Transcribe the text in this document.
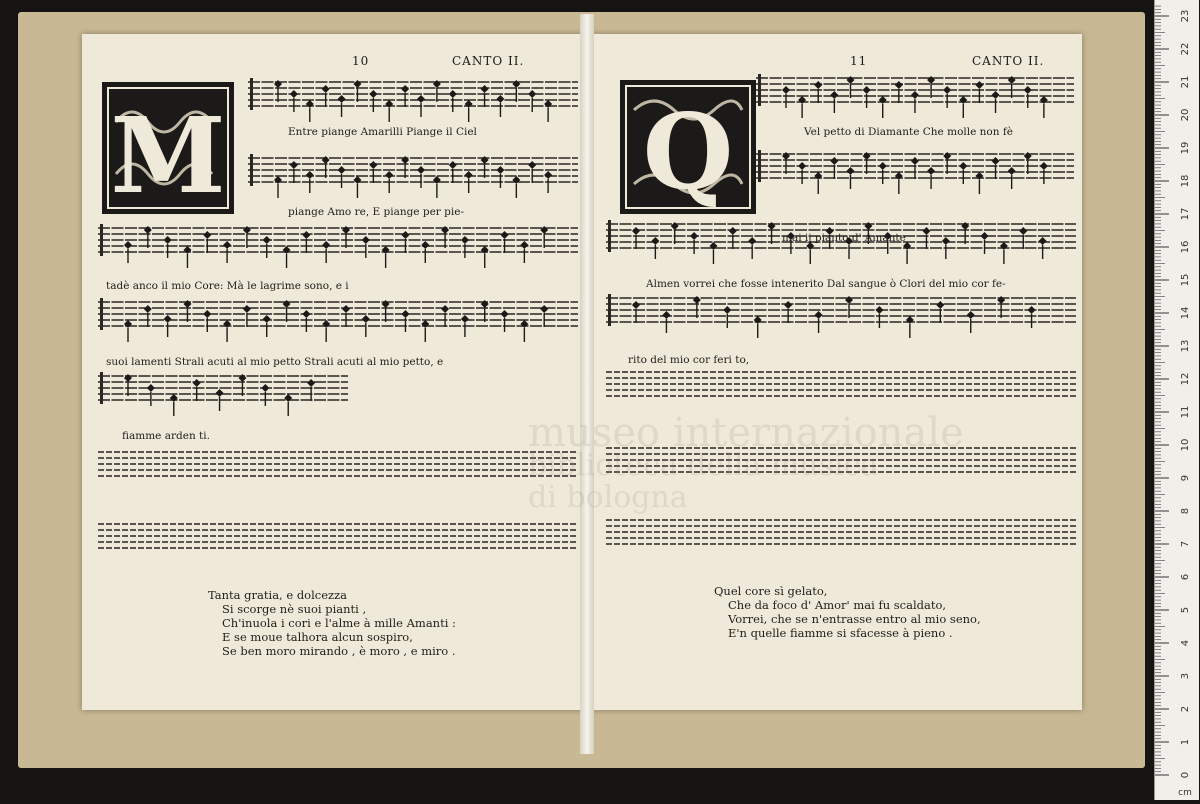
10	CANTO II.
M	Entre piange Amarilli Piange il Ciel
piange Amo re, E piange per pie-
tadè anco il mio Core: Mà le lagrime sono, e i
suoi lamenti Strali acuti al mio petto Strali acuti al mio petto, e
fiamme arden ti.
Tanta gratia, e dolcezza
Si scorge nè suoi pianti ,
Ch'inuola i cori e l'alme à mille Amanti :
E se moue talhora alcun sospiro,
Se ben moro mirando , è moro , e miro .
11	CANTO II.
Q	Vel petto di Diamante Che molle non fè
mai ij pianto d' Amante
Almen vorrei che fosse intenerito Dal sangue ò Clori del mio cor fe-
rito del mio cor feri to,
Quel core sì gelato,
Che da foco d' Amor' mai fu scaldato,
Vorrei, che se n'entrasse entro al mio seno,
E'n quelle fiamme si sfacesse à pieno .
museo internazionale
biblioteca della musica
di bologna
0
1
2
3
4
5
6
7
8
9
10
11
12
13
14
15
16
17
18
19
20
21
22
23
cm
